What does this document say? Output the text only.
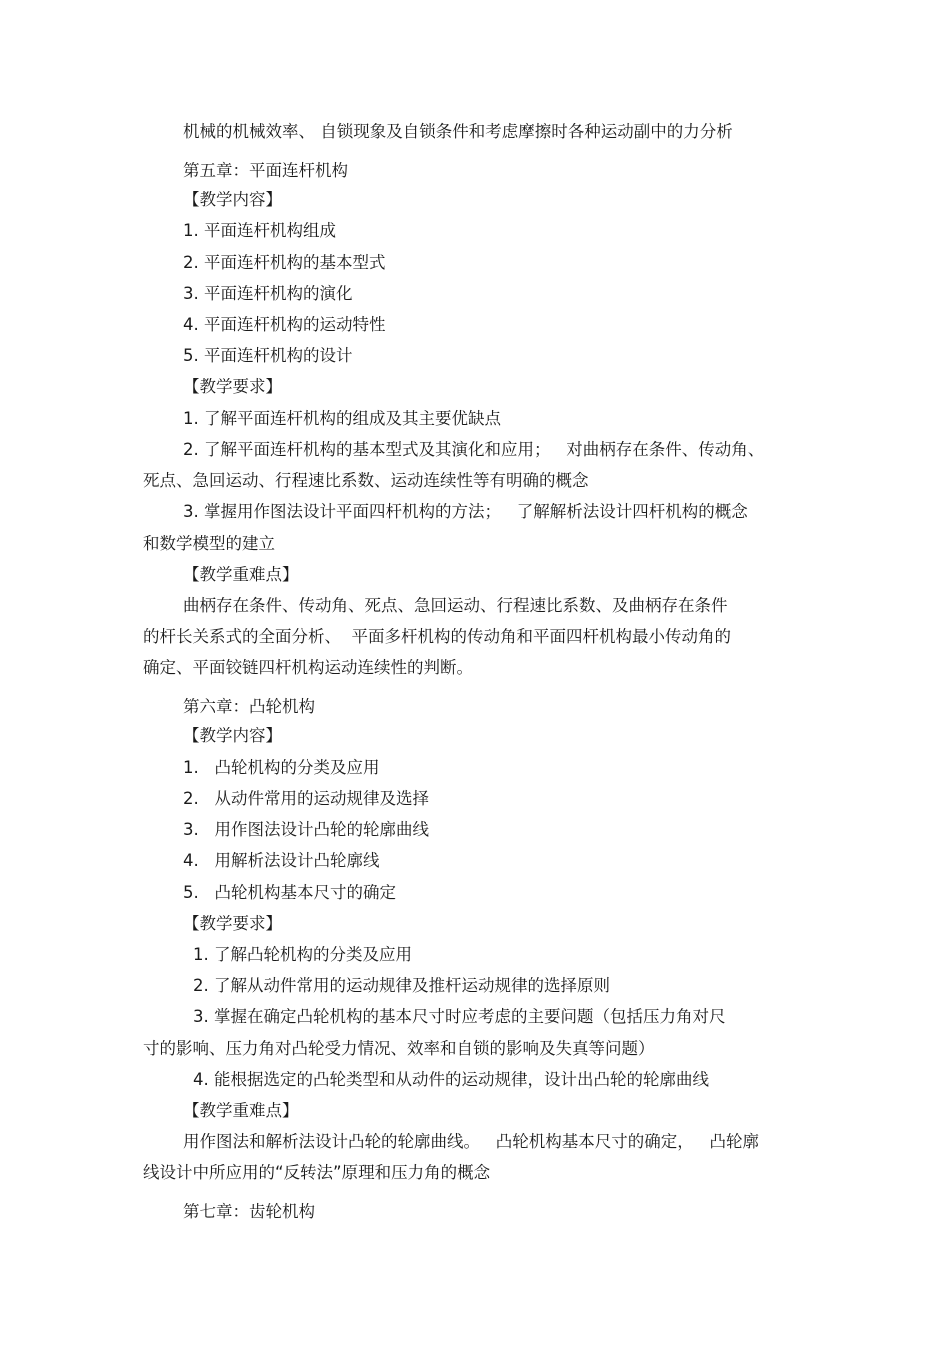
机械的机械效率、 自锁现象及自锁条件和考虑摩擦时各种运动副中的力分析
第五章：平面连杆机构
【教学内容】
1. 平面连杆机构组成
2. 平面连杆机构的基本型式
3. 平面连杆机构的演化
4. 平面连杆机构的运动特性
5. 平面连杆机构的设计
【教学要求】
1. 了解平面连杆机构的组成及其主要优缺点
2. 了解平面连杆机构的基本型式及其演化和应用；   对曲柄存在条件、传动角、
死点、急回运动、行程速比系数、运动连续性等有明确的概念
3. 掌握用作图法设计平面四杆机构的方法；   了解解析法设计四杆机构的概念
和数学模型的建立
【教学重难点】
曲柄存在条件、传动角、死点、急回运动、行程速比系数、及曲柄存在条件
的杆长关系式的全面分析、  平面多杆机构的传动角和平面四杆机构最小传动角的
确定、平面铰链四杆机构运动连续性的判断。
第六章：凸轮机构
【教学内容】
1.   凸轮机构的分类及应用
2.   从动件常用的运动规律及选择
3.   用作图法设计凸轮的轮廓曲线
4.   用解析法设计凸轮廓线
5.   凸轮机构基本尺寸的确定
【教学要求】
1. 了解凸轮机构的分类及应用
2. 了解从动件常用的运动规律及推杆运动规律的选择原则
3. 掌握在确定凸轮机构的基本尺寸时应考虑的主要问题（包括压力角对尺
寸的影响、压力角对凸轮受力情况、效率和自锁的影响及失真等问题）
4. 能根据选定的凸轮类型和从动件的运动规律，设计出凸轮的轮廓曲线
【教学重难点】
用作图法和解析法设计凸轮的轮廓曲线。   凸轮机构基本尺寸的确定，   凸轮廓
线设计中所应用的“反转法”原理和压力角的概念
第七章：齿轮机构
